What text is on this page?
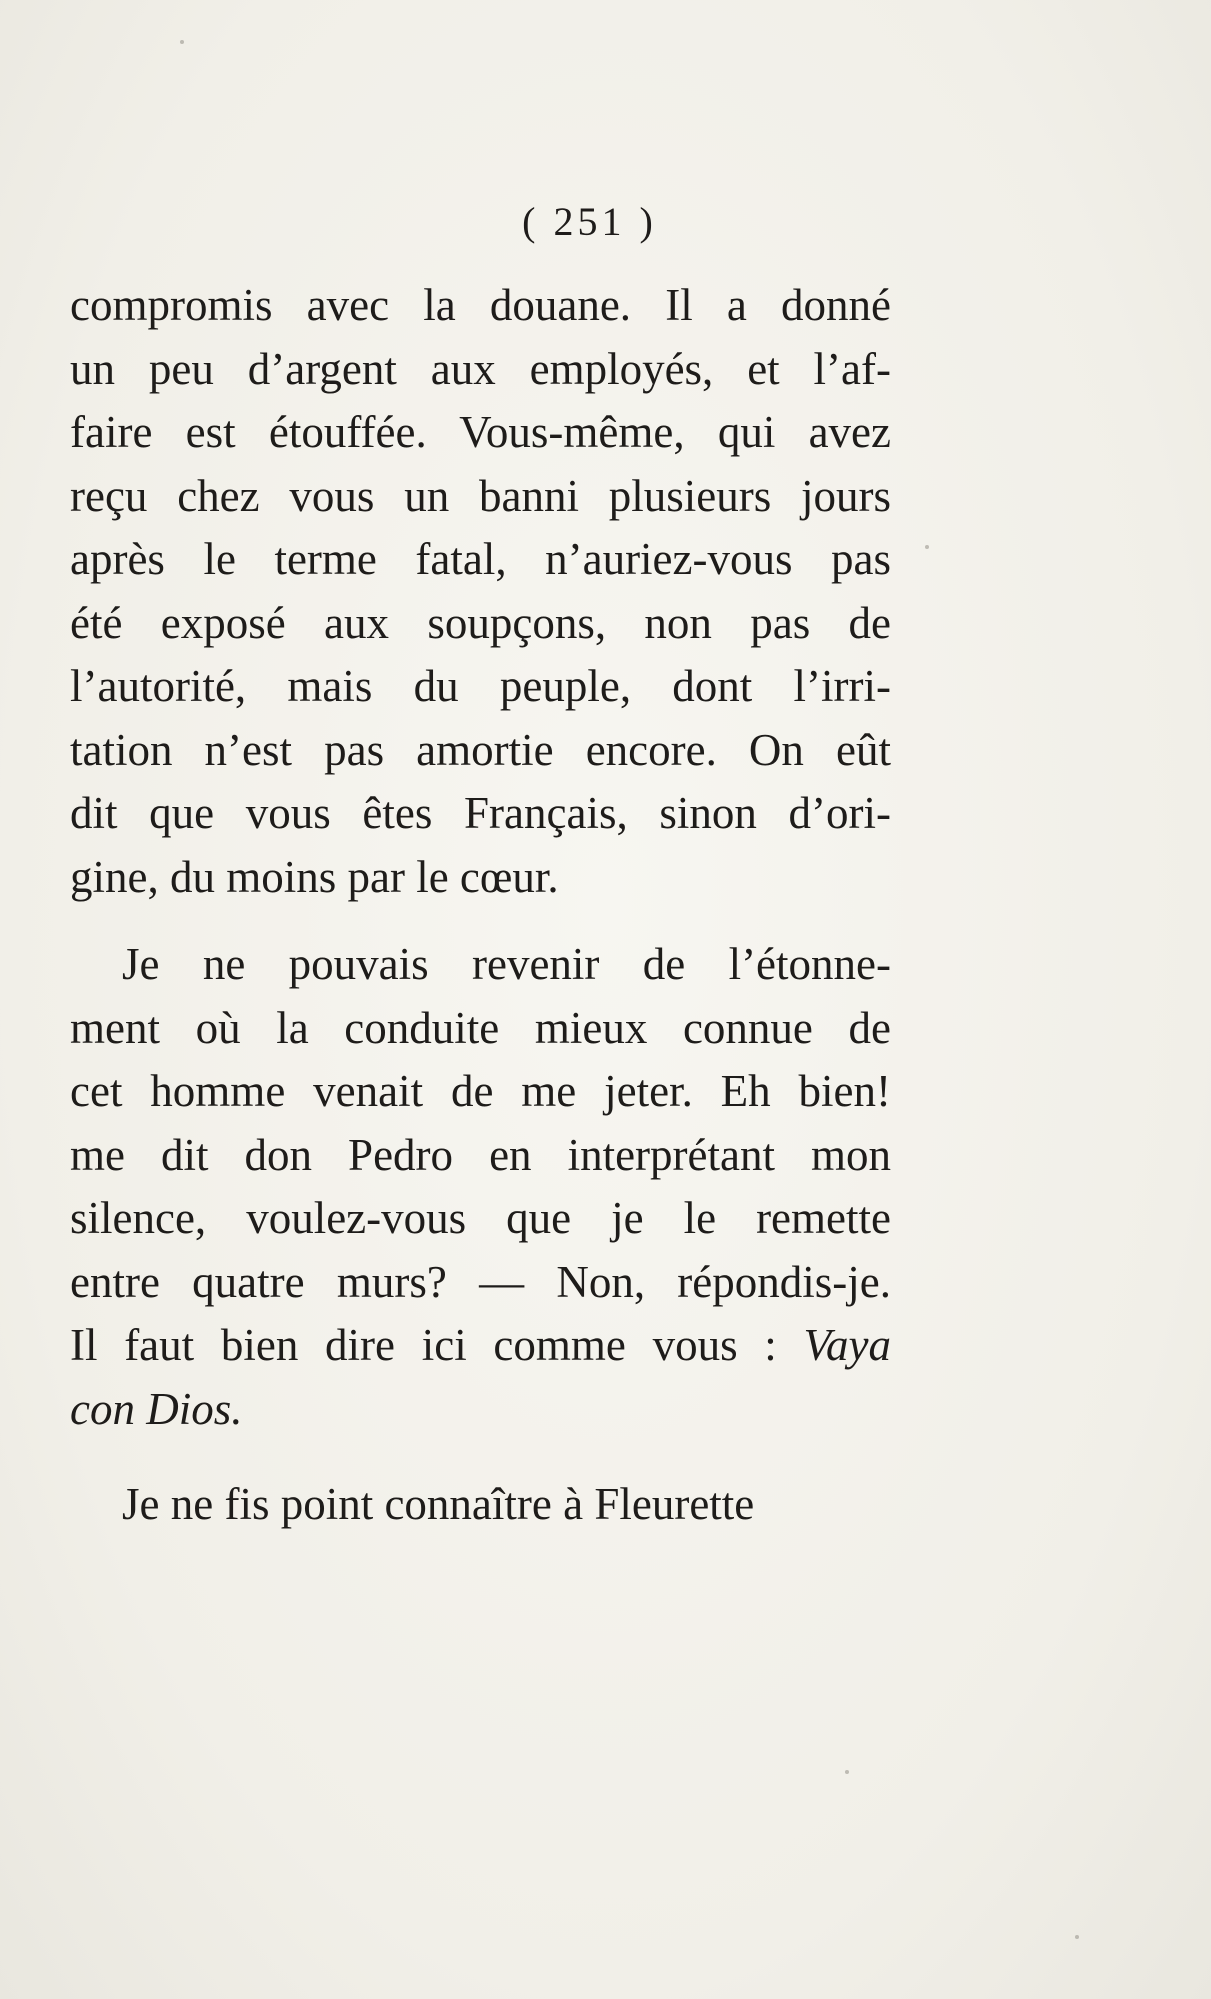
( 251 )
compromis avec la douane. Il a donné
un peu d’argent aux employés, et l’af-
faire est étouffée. Vous-même, qui avez
reçu chez vous un banni plusieurs jours
après le terme fatal, n’auriez-vous pas
été exposé aux soupçons, non pas de
l’autorité, mais du peuple, dont l’irri-
tation n’est pas amortie encore. On eût
dit que vous êtes Français, sinon d’ori-
gine, du moins par le cœur.
Je ne pouvais revenir de l’étonne-
ment où la conduite mieux connue de
cet homme venait de me jeter. Eh bien!
me dit don Pedro en interprétant mon
silence, voulez-vous que je le remette
entre quatre murs? — Non, répondis-je.
Il faut bien dire ici comme vous : Vaya
con Dios.
Je ne fis point connaître à Fleurette
